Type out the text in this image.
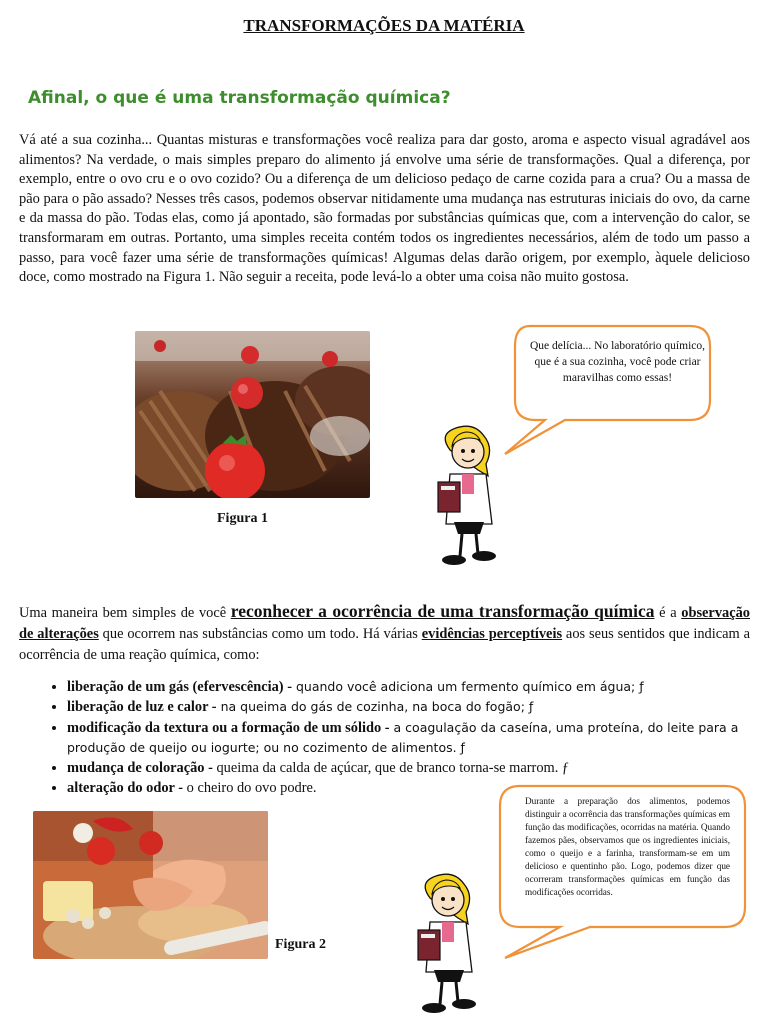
TRANSFORMAÇÕES DA MATÉRIA
Afinal, o que é uma transformação química?

Vá até a sua cozinha... Quantas misturas e transformações você realiza para dar gosto, aroma e aspecto visual agradável aos alimentos? Na verdade, o mais simples preparo do alimento já envolve uma série de transformações. Qual a diferença, por exemplo, entre o ovo cru e o ovo cozido? Ou a diferença de um delicioso pedaço de carne cozida para a crua? Ou a massa de pão para o pão assado? Nesses três casos, podemos observar nitidamente uma mudança nas estruturas iniciais do ovo, da carne e da massa do pão. Todas elas, como já apontado, são formadas por substâncias químicas que, com a intervenção do calor, se transformaram em outras. Portanto, uma simples receita contém todos os ingredientes necessários, além de todo um passo a passo, para você fazer uma série de transformações químicas! Algumas delas darão origem, por exemplo, àquele delicioso doce, como mostrado na Figura 1. Não seguir a receita, pode levá-lo a obter uma coisa não muito gostosa.

Figura 1
Que delícia... No laboratório químico, que é a sua cozinha, você pode criar maravilhas como essas!

Uma maneira bem simples de você reconhecer a ocorrência de uma transformação química é a observação de alterações que ocorrem nas substâncias como um todo. Há várias evidências perceptíveis aos seus sentidos que indicam a ocorrência de uma reação química, como:

• liberação de um gás (efervescência) - quando você adiciona um fermento químico em água; ƒ
• liberação de luz e calor - na queima do gás de cozinha, na boca do fogão; ƒ
• modificação da textura ou a formação de um sólido - a coagulação da caseína, uma proteína, do leite para a produção de queijo ou iogurte; ou no cozimento de alimentos. ƒ
• mudança de coloração - queima da calda de açúcar, que de branco torna-se marrom. ƒ
• alteração do odor - o cheiro do ovo podre.
Figura 2
Durante a preparação dos alimentos, podemos distinguir a ocorrência das transformações químicas em função das modificações, ocorridas na matéria. Quando fazemos pães, observamos que os ingredientes iniciais, como o queijo e a farinha, transformam-se em um delicioso e quentinho pão. Logo, podemos dizer que ocorreram transformações químicas em função das modificações ocorridas.
